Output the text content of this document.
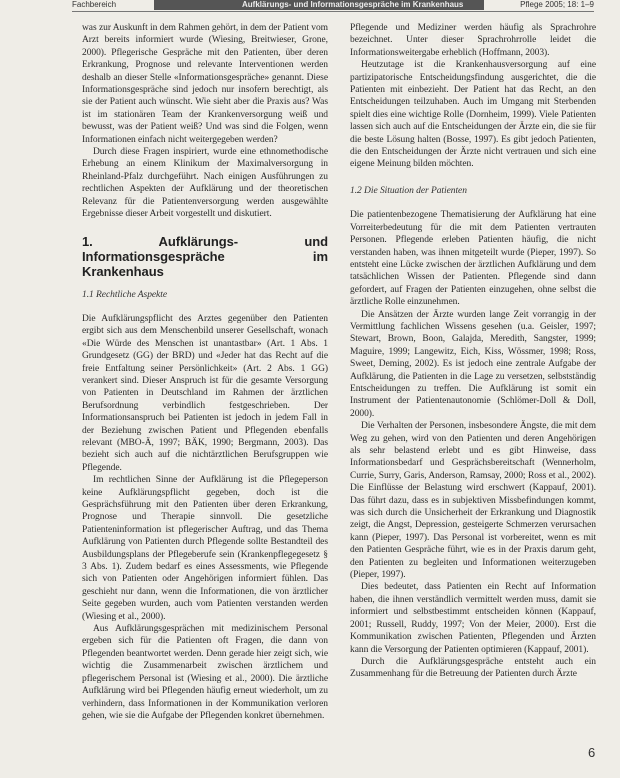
Fachbereich	Aufklärungs- und Informationsgespräche im Krankenhaus	Pflege 2005; 18: 1–9

was zur Auskunft in dem Rahmen gehört, in dem der Patient vom Arzt bereits informiert wurde (Wiesing, Breitwieser, Grone, 2000). Pflegerische Gespräche mit den Patienten, über deren Erkrankung, Prognose und relevante Interventionen werden deshalb an dieser Stelle «Informationsgespräche» genannt. Diese Informationsgespräche sind jedoch nur insofern berechtigt, als sie der Patient auch wünscht. Wie sieht aber die Praxis aus? Was ist im stationären Team der Krankenversorgung weiß und bewusst, was der Patient weiß? Und was sind die Folgen, wenn Informationen einfach nicht weitergegeben werden?

Durch diese Fragen inspiriert, wurde eine ethnomethodische Erhebung an einem Klinikum der Maximalversorgung in Rheinland-Pfalz durchgeführt. Nach einigen Ausführungen zu rechtlichen Aspekten der Aufklärung und der theoretischen Relevanz für die Patientenversorgung werden ausgewählte Ergebnisse dieser Arbeit vorgestellt und diskutiert.

1. Aufklärungs- und Informationsgespräche im Krankenhaus
1.1 Rechtliche Aspekte

Die Aufklärungspflicht des Arztes gegenüber den Patienten ergibt sich aus dem Menschenbild unserer Gesellschaft, wonach «Die Würde des Menschen ist unantastbar» (Art. 1 Abs. 1 Grundgesetz (GG) der BRD) und «Jeder hat das Recht auf die freie Entfaltung seiner Persönlichkeit» (Art. 2 Abs. 1 GG) verankert sind. Dieser Anspruch ist für die gesamte Versorgung von Patienten in Deutschland im Rahmen der ärztlichen Berufsordnung verbindlich festgeschrieben. Der Informationsanspruch bei Patienten ist jedoch in jedem Fall in der Beziehung zwischen Patient und Pflegenden ebenfalls relevant (MBO-Ä, 1997; BÄK, 1990; Bergmann, 2003). Das bezieht sich auch auf die nichtärztlichen Berufsgruppen wie Pflegende.

Im rechtlichen Sinne der Aufklärung ist die Pflegeperson keine Aufklärungspflicht gegeben, doch ist die Gesprächsführung mit den Patienten über deren Erkrankung, Prognose und Therapie sinnvoll. Die gesetzliche Patienteninformation ist pflegerischer Auftrag, und das Thema Aufklärung von Patienten durch Pflegende sollte Bestandteil des Ausbildungsplans der Pflegeberufe sein (Krankenpflegegesetz § 3 Abs. 1). Zudem bedarf es eines Assessments, wie Pflegende sich von Patienten oder Angehörigen informiert fühlen. Das geschieht nur dann, wenn die Informationen, die von ärztlicher Seite gegeben wurden, auch vom Patienten verstanden werden (Wiesing et al., 2000).

Aus Aufklärungsgesprächen mit medizinischem Personal ergeben sich für die Patienten oft Fragen, die dann von Pflegenden beantwortet werden. Denn gerade hier zeigt sich, wie wichtig die Zusammenarbeit zwischen ärztlichem und pflegerischem Personal ist (Wiesing et al., 2000). Die ärztliche Aufklärung wird bei Pflegenden häufig erneut wiederholt, um zu verhindern, dass Informationen in der Kommunikation verloren gehen, wie sie die Aufgabe der Pflegenden konkret übernehmen.

Pflegende und Mediziner werden häufig als Sprachrohre bezeichnet. Unter dieser Sprachrohrrolle leidet die Informationsweitergabe erheblich (Hoffmann, 2003).

Heutzutage ist die Krankenhausversorgung auf eine partizipatorische Entscheidungsfindung ausgerichtet, die die Patienten mit einbezieht. Der Patient hat das Recht, an den Entscheidungen teilzuhaben. Auch im Umgang mit Sterbenden spielt dies eine wichtige Rolle (Dornheim, 1999). Viele Patienten lassen sich auch auf die Entscheidungen der Ärzte ein, die sie für die beste Lösung halten (Bosse, 1997). Es gibt jedoch Patienten, die den Entscheidungen der Ärzte nicht vertrauen und sich eine eigene Meinung bilden möchten.

1.2 Die Situation der Patienten

Die patientenbezogene Thematisierung der Aufklärung hat eine Vorreiterbedeutung für die mit dem Patienten vertrauten Personen. Pflegende erleben Patienten häufig, die nicht verstanden haben, was ihnen mitgeteilt wurde (Pieper, 1997). So entsteht eine Lücke zwischen der ärztlichen Aufklärung und dem tatsächlichen Wissen der Patienten. Pflegende sind dann gefordert, auf Fragen der Patienten einzugehen, ohne selbst die ärztliche Rolle einzunehmen.

Die Ansätzen der Ärzte wurden lange Zeit vorrangig in der Vermittlung fachlichen Wissens gesehen (u.a. Geisler, 1997; Stewart, Brown, Boon, Galajda, Meredith, Sangster, 1999; Maguire, 1999; Langewitz, Eich, Kiss, Wössmer, 1998; Ross, Sweet, Deming, 2002). Es ist jedoch eine zentrale Aufgabe der Aufklärung, die Patienten in die Lage zu versetzen, selbstständig Entscheidungen zu treffen. Die Aufklärung ist somit ein Instrument der Patientenautonomie (Schlömer-Doll & Doll, 2000).

Die Verhalten der Personen, insbesondere Ängste, die mit dem Weg zu gehen, wird von den Patienten und deren Angehörigen als sehr belastend erlebt und es gibt Hinweise, dass Informationsbedarf und Gesprächsbereitschaft (Wennerholm, Currie, Surry, Garis, Anderson, Ramsay, 2000; Ross et al., 2002). Die Einflüsse der Belastung wird erschwert (Kappauf, 2001). Das führt dazu, dass es in subjektiven Missbefindungen kommt, was sich durch die Unsicherheit der Erkrankung und Diagnostik zeigt, die Angst, Depression, gesteigerte Schmerzen verursachen kann (Pieper, 1997). Das Personal ist vorbereitet, wenn es mit den Patienten Gespräche führt, wie es in der Praxis darum geht, den Patienten zu begleiten und Informationen weiterzugeben (Pieper, 1997).

Dies bedeutet, dass Patienten ein Recht auf Information haben, die ihnen verständlich vermittelt werden muss, damit sie informiert und selbstbestimmt entscheiden können (Kappauf, 2001; Russell, Ruddy, 1997; Von der Meier, 2000). Erst die Kommunikation zwischen Patienten, Pflegenden und Ärzten kann die Versorgung der Patienten optimieren (Kappauf, 2001).

Durch die Aufklärungsgespräche entsteht auch ein Zusammenhang für die Betreuung der Patienten durch Ärzte

6
